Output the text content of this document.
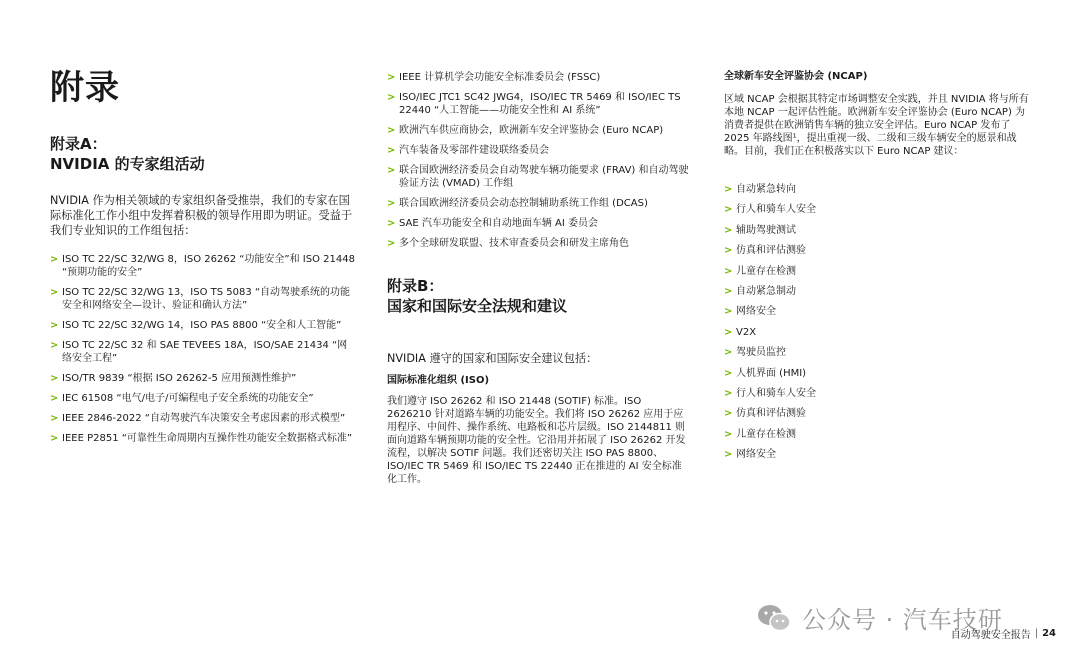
附录

附录A：

NVIDIA 的专家组活动

NVIDIA 作为相关领域的专家组织备受推崇，我们的专家在国际标准化工作小组中发挥着积极的领导作用即为明证。受益于我们专业知识的工作组包括：

> ISO TC 22/SC 32/WG 8，ISO 26262 “功能安全”和 ISO 21448 “预期功能的安全”
> ISO TC 22/SC 32/WG 13，ISO TS 5083 “自动驾驶系统的功能安全和网络安全—设计、验证和确认方法”
> ISO TC 22/SC 32/WG 14，ISO PAS 8800 “安全和人工智能”
> ISO TC 22/SC 32 和 SAE TEVEES 18A，ISO/SAE 21434 “网络安全工程”
> ISO/TR 9839 “根据 ISO 26262-5 应用预测性维护”
> IEC 61508 “电气/电子/可编程电子安全系统的功能安全”
> IEEE 2846-2022 “自动驾驶汽车决策安全考虑因素的形式模型”
> IEEE P2851 “可靠性生命周期内互操作性功能安全数据格式标准”
> IEEE 计算机学会功能安全标准委员会 (FSSC)
> ISO/IEC JTC1 SC42 JWG4，ISO/IEC TR 5469 和 ISO/IEC TS 22440 “人工智能——功能安全性和 AI 系统”
> 欧洲汽车供应商协会，欧洲新车安全评鉴协会 (Euro NCAP)
> 汽车装备及零部件建设联络委员会
> 联合国欧洲经济委员会自动驾驶车辆功能要求 (FRAV) 和自动驾驶验证方法 (VMAD) 工作组
> 联合国欧洲经济委员会动态控制辅助系统工作组 (DCAS)
> SAE 汽车功能安全和自动地面车辆 AI 委员会
> 多个全球研发联盟、技术审查委员会和研发主席角色

附录B：

国家和国际安全法规和建议

NVIDIA 遵守的国家和国际安全建议包括：

国际标准化组织 (ISO)

我们遵守 ISO 26262 和 ISO 21448 (SOTIF) 标准。ISO 2626210 针对道路车辆的功能安全。我们将 ISO 26262 应用于应用程序、中间件、操作系统、电路板和芯片层级。ISO 2144811 则面向道路车辆预期功能的安全性。它沿用并拓展了 ISO 26262 开发流程，以解决 SOTIF 问题。我们还密切关注 ISO PAS 8800、ISO/IEC TR 5469 和 ISO/IEC TS 22440 正在推进的 AI 安全标准化工作。

全球新车安全评鉴协会 (NCAP)

区域 NCAP 会根据其特定市场调整安全实践，并且 NVIDIA 将与所有本地 NCAP 一起评估性能。欧洲新车安全评鉴协会 (Euro NCAP) 为消费者提供在欧洲销售车辆的独立安全评估。Euro NCAP 发布了 2025 年路线图¹，提出重视一级、二级和三级车辆安全的愿景和战略。目前，我们正在积极落实以下 Euro NCAP 建议：

> 自动紧急转向
> 行人和骑车人安全
> 辅助驾驶测试
> 仿真和评估测验
> 儿童存在检测
> 自动紧急制动
> 网络安全
> V2X
> 驾驶员监控
> 人机界面 (HMI)
> 行人和骑车人安全
> 仿真和评估测验
> 儿童存在检测
> 网络安全
公众号 · 汽车技研
自动驾驶安全报告 | 24
